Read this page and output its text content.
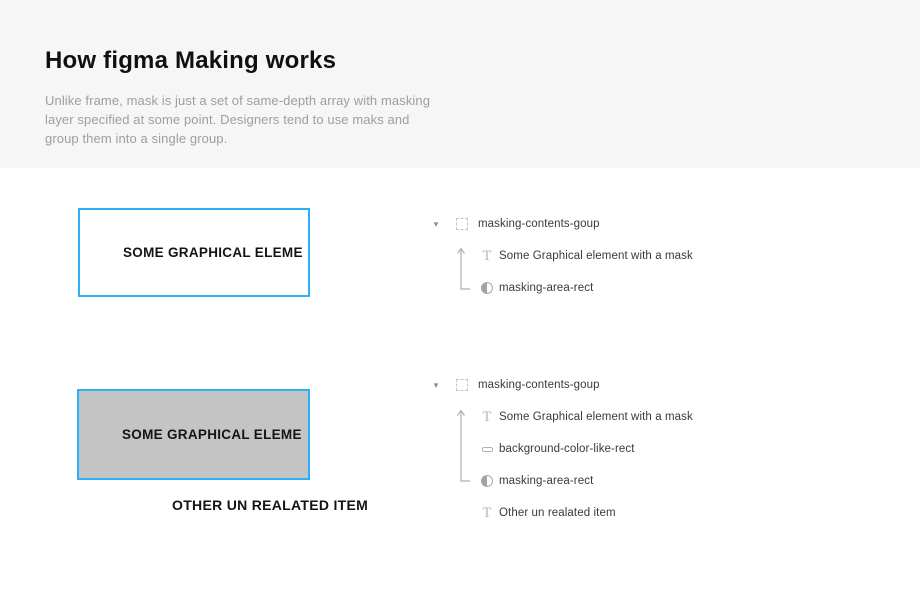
How figma Making works
Unlike frame, mask is just a set of same-depth array with masking layer specified at some point. Designers tend to use maks and group them into a single group.
SOME GRAPHICAL ELEME
▾	masking-contents-goup
T Some Graphical element with a mask
masking-area-rect
SOME GRAPHICAL ELEME
OTHER UN REALATED ITEM
▾	masking-contents-goup
T Some Graphical element with a mask
background-color-like-rect
masking-area-rect
T Other un realated item
